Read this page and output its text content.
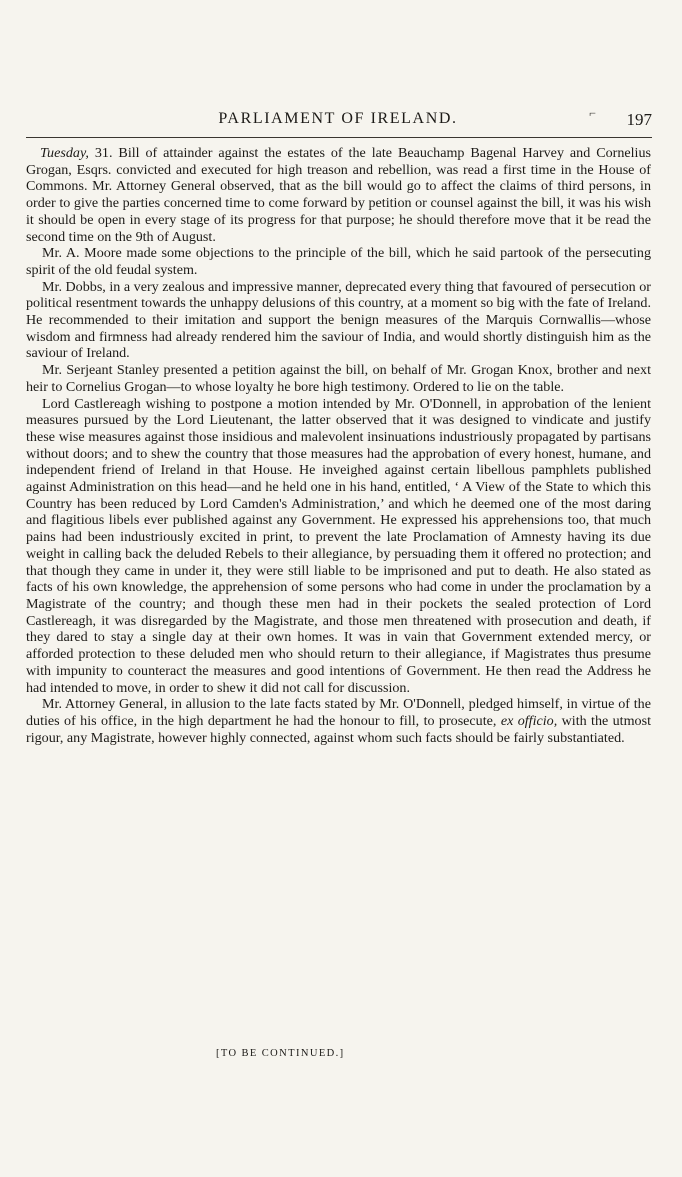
PARLIAMENT OF IRELAND.	⌐ 197

Tuesday, 31. Bill of attainder against the estates of the late Beauchamp Bagenal Harvey and Cornelius Grogan, Esqrs. convicted and executed for high treason and rebellion, was read a first time in the House of Commons. Mr. Attorney General observed, that as the bill would go to affect the claims of third persons, in order to give the parties concerned time to come forward by petition or counsel against the bill, it was his wish it should be open in every stage of its progress for that purpose; he should therefore move that it be read the second time on the 9th of August.

Mr. A. Moore made some objections to the principle of the bill, which he said partook of the persecuting spirit of the old feudal system.

Mr. Dobbs, in a very zealous and impressive manner, deprecated every thing that favoured of persecution or political resentment towards the unhappy delusions of this country, at a moment so big with the fate of Ireland. He recommended to their imitation and support the benign measures of the Marquis Cornwallis—whose wisdom and firmness had already rendered him the saviour of India, and would shortly distinguish him as the saviour of Ireland.

Mr. Serjeant Stanley presented a petition against the bill, on behalf of Mr. Grogan Knox, brother and next heir to Cornelius Grogan—to whose loyalty he bore high testimony. Ordered to lie on the table.

Lord Castlereagh wishing to postpone a motion intended by Mr. O'Donnell, in approbation of the lenient measures pursued by the Lord Lieutenant, the latter observed that it was designed to vindicate and justify these wise measures against those insidious and malevolent insinuations industriously propagated by partisans without doors; and to shew the country that those measures had the approbation of every honest, humane, and independent friend of Ireland in that House. He inveighed against certain libellous pamphlets published against Administration on this head—and he held one in his hand, entitled, ‘ A View of the State to which this Country has been reduced by Lord Camden's Administration,’ and which he deemed one of the most daring and flagitious libels ever published against any Government. He expressed his apprehensions too, that much pains had been industriously excited in print, to prevent the late Proclamation of Amnesty having its due weight in calling back the deluded Rebels to their allegiance, by persuading them it offered no protection; and that though they came in under it, they were still liable to be imprisoned and put to death. He also stated as facts of his own knowledge, the apprehension of some persons who had come in under the proclamation by a Magistrate of the country; and though these men had in their pockets the sealed protection of Lord Castlereagh, it was disregarded by the Magistrate, and those men threatened with prosecution and death, if they dared to stay a single day at their own homes. It was in vain that Government extended mercy, or afforded protection to these deluded men who should return to their allegiance, if Magistrates thus presume with impunity to counteract the measures and good intentions of Government. He then read the Address he had intended to move, in order to shew it did not call for discussion.

Mr. Attorney General, in allusion to the late facts stated by Mr. O'Donnell, pledged himself, in virtue of the duties of his office, in the high department he had the honour to fill, to prosecute, ex officio, with the utmost rigour, any Magistrate, however highly connected, against whom such facts should be fairly substantiated.

[TO BE CONTINUED.]
